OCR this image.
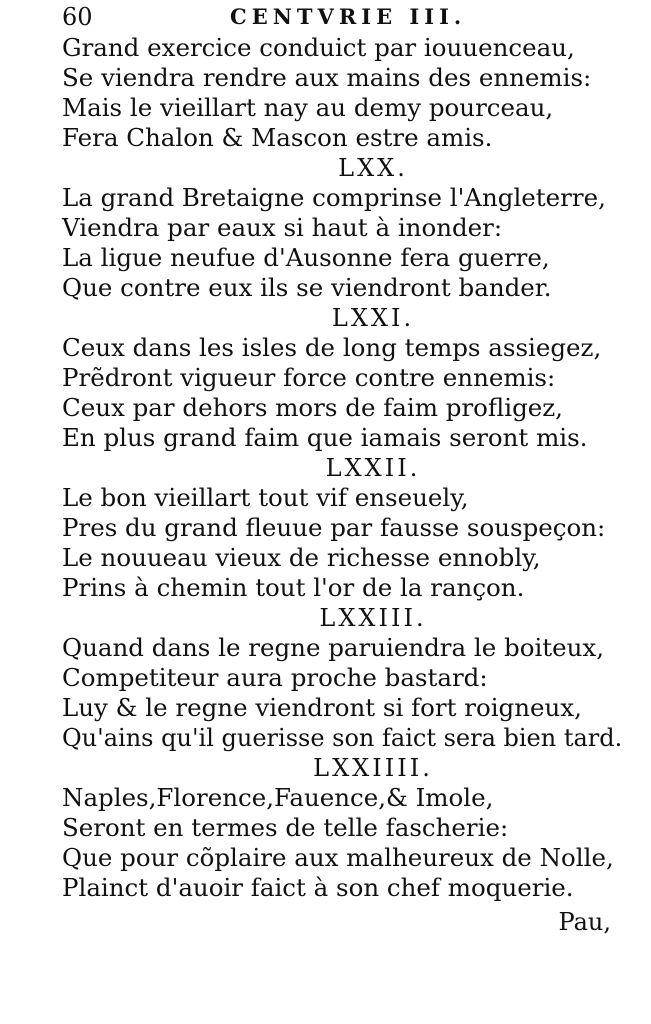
60	CENTVRIE III.
Grand exercice conduict par iouuenceau,
Se viendra rendre aux mains des ennemis:
Mais le vieillart nay au demy pourceau,
Fera Chalon & Mascon estre amis.
LXX.
La grand Bretaigne comprinse l'Angleterre,
Viendra par eaux si haut à inonder:
La ligue neufue d'Ausonne fera guerre,
Que contre eux ils se viendront bander.
LXXI.
Ceux dans les isles de long temps assiegez,
Prẽdront vigueur force contre ennemis:
Ceux par dehors mors de faim profligez,
En plus grand faim que iamais seront mis.
LXXII.
Le bon vieillart tout vif enseuely,
Pres du grand fleuue par fausse souspeçon:
Le nouueau vieux de richesse ennobly,
Prins à chemin tout l'or de la rançon.
LXXIII.
Quand dans le regne paruiendra le boiteux,
Competiteur aura proche bastard:
Luy & le regne viendront si fort roigneux,
Qu'ains qu'il guerisse son faict sera bien tard.
LXXIIII.
Naples,Florence,Fauence,& Imole,
Seront en termes de telle fascherie:
Que pour cõplaire aux malheureux de Nolle,
Plainct d'auoir faict à son chef moquerie.
Pau,
